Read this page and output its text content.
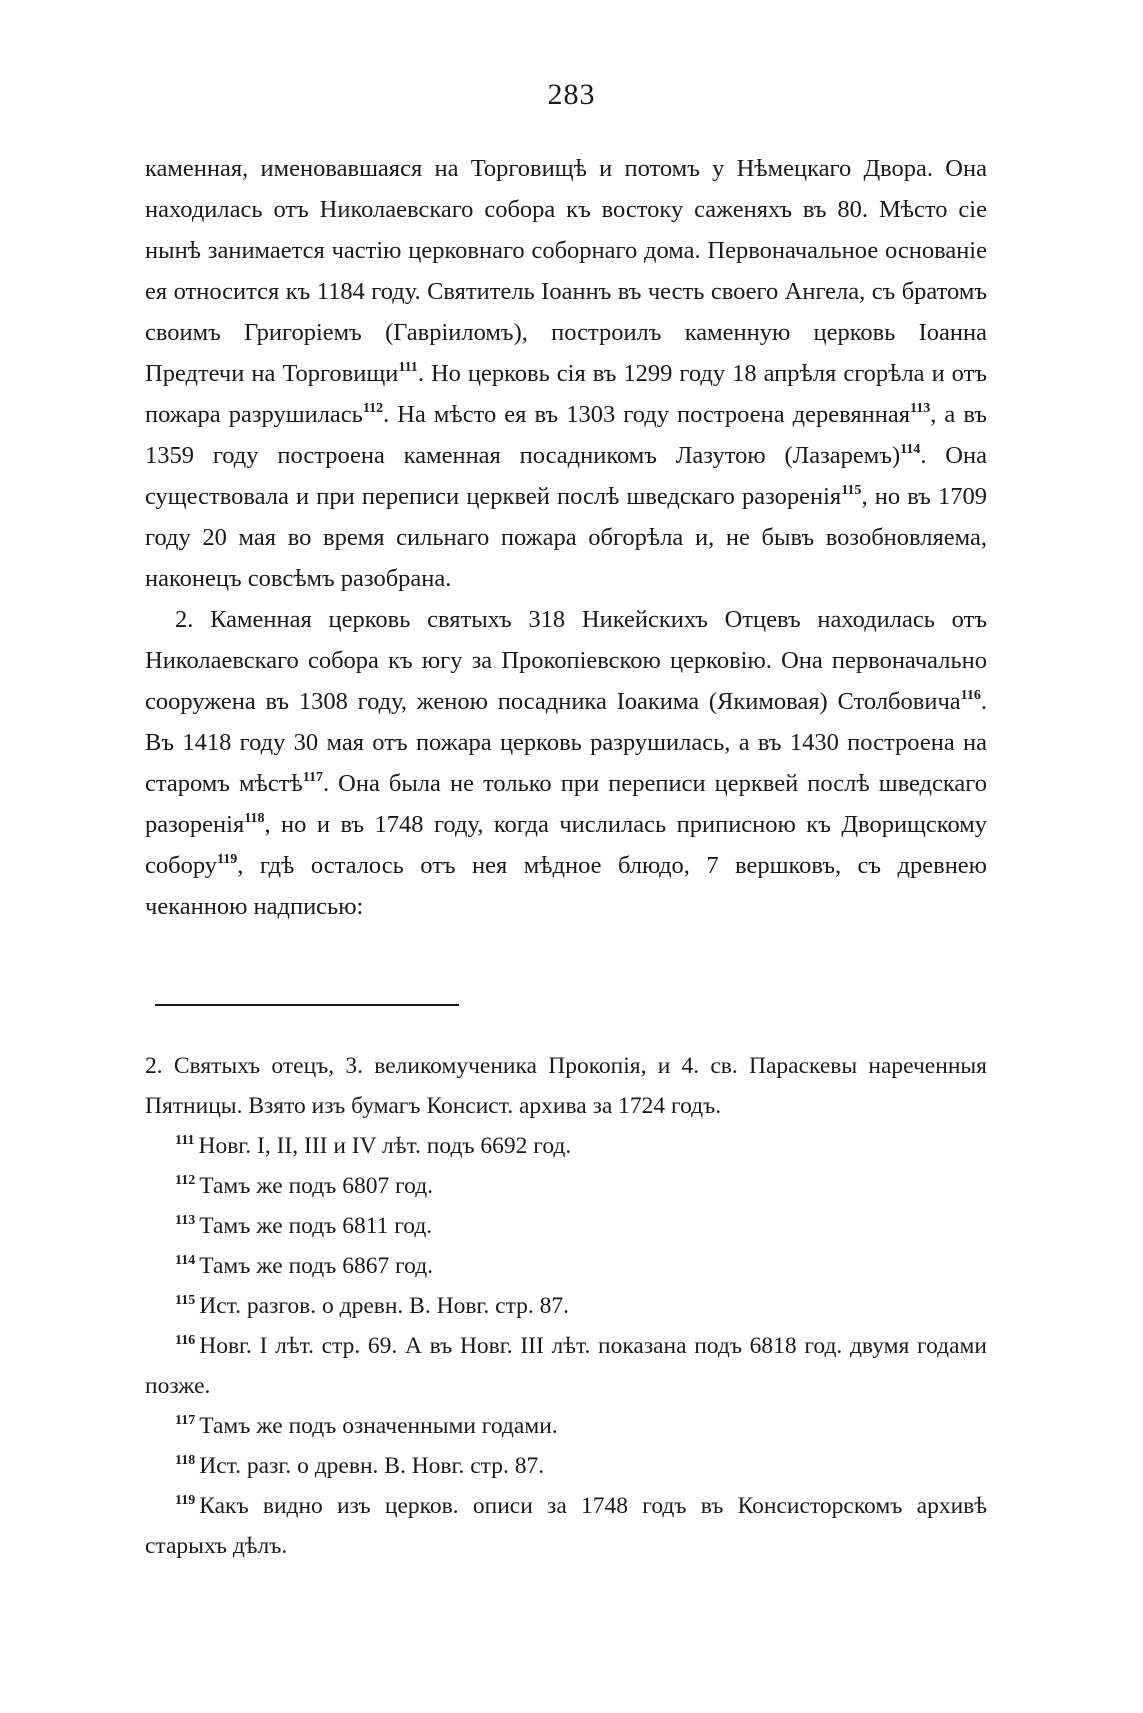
283

каменная, именовавшаяся на Торговищѣ и потомъ у Нѣмецкаго Двора. Она находилась отъ Николаевскаго собора къ востоку саженяхъ въ 80. Мѣсто сіе нынѣ занимается частію церковнаго соборнаго дома. Первоначальное основаніе ея относится къ 1184 году. Святитель Іоаннъ въ честь своего Ангела, съ братомъ своимъ Григоріемъ (Гавріиломъ), построилъ каменную церковь Іоанна Предтечи на Торговищи$^{111}$. Но церковь сія въ 1299 году 18 апрѣля сгорѣла и отъ пожара разрушилась$^{112}$. На мѣсто ея въ 1303 году построена деревянная$^{113}$, а въ 1359 году построена каменная посадникомъ Лазутою (Лазаремъ)$^{114}$. Она существовала и при переписи церквей послѣ шведскаго разоренія$^{115}$, но въ 1709 году 20 мая во время сильнаго пожара обгорѣла и, не бывъ возобновляема, наконецъ совсѣмъ разобрана.

2. Каменная церковь святыхъ 318 Никейскихъ Отцевъ находилась отъ Николаевскаго собора къ югу за Прокопіевскою церковію. Она первоначально сооружена въ 1308 году, женою посадника Іоакима (Якимовая) Столбовича$^{116}$. Въ 1418 году 30 мая отъ пожара церковь разрушилась, а въ 1430 построена на старомъ мѣстѣ$^{117}$. Она была не только при переписи церквей послѣ шведскаго разоренія$^{118}$, но и въ 1748 году, когда числилась приписною къ Дворищскому собору$^{119}$, гдѣ осталось отъ нея мѣдное блюдо, 7 вершковъ, съ древнею чеканною надписью:

2. Святыхъ отецъ, 3. великомученика Прокопія, и 4. св. Параскевы нареченныя Пятницы. Взято изъ бумагъ Консист. архива за 1724 годъ.

$^{111}$ Новг. I, II, III и IV лѣт. подъ 6692 год.

$^{112}$ Тамъ же подъ 6807 год.

$^{113}$ Тамъ же подъ 6811 год.

$^{114}$ Тамъ же подъ 6867 год.

$^{115}$ Ист. разгов. о древн. В. Новг. стр. 87.

$^{116}$ Новг. I лѣт. стр. 69. А въ Новг. III лѣт. показана подъ 6818 год. двумя годами позже.

$^{117}$ Тамъ же подъ означенными годами.

$^{118}$ Ист. разг. о древн. В. Новг. стр. 87.

$^{119}$ Какъ видно изъ церков. описи за 1748 годъ въ Консисторскомъ архивѣ старыхъ дѣлъ.
